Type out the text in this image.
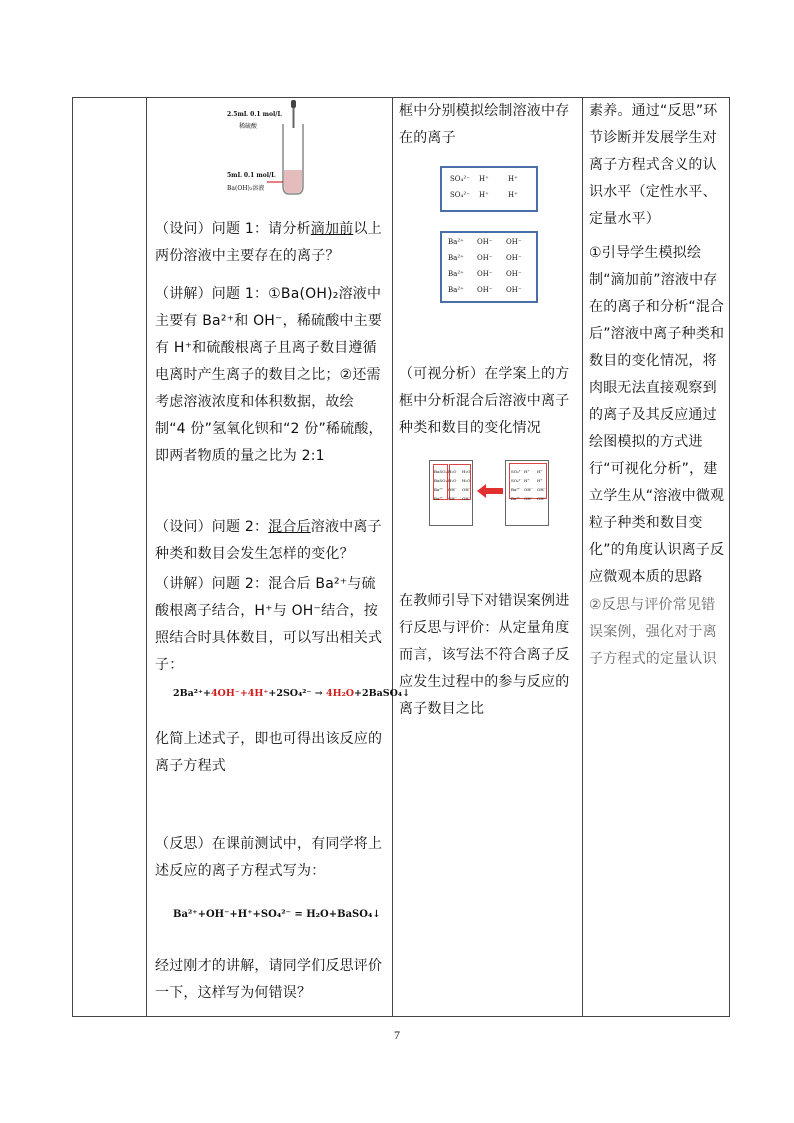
2.5mL 0.1 mol/L
稀硫酸
5mL 0.1 mol/L
Ba(OH)₂溶液
（设问）问题 1：请分析滴加前以上两份溶液中主要存在的离子？
（讲解）问题 1：①Ba(OH)₂溶液中主要有 Ba²⁺和 OH⁻，稀硫酸中主要有 H⁺和硫酸根离子且离子数目遵循电离时产生离子的数目之比；②还需考虑溶液浓度和体积数据，故绘制“4 份”氢氧化钡和“2 份”稀硫酸，即两者物质的量之比为 2:1
（设问）问题 2：混合后溶液中离子种类和数目会发生怎样的变化？
（讲解）问题 2：混合后 Ba²⁺与硫酸根离子结合，H⁺与 OH⁻结合，按照结合时具体数目，可以写出相关式子：
2Ba²⁺+4OH⁻+4H⁺+2SO₄²⁻ → 4H₂O+2BaSO₄↓
化简上述式子，即也可得出该反应的离子方程式
（反思）在课前测试中，有同学将上述反应的离子方程式写为：
Ba²⁺+OH⁻+H⁺+SO₄²⁻ = H₂O+BaSO₄↓
经过刚才的讲解，请同学们反思评价一下，这样写为何错误？
框中分别模拟绘制溶液中存在的离子
SO₄²⁻ H⁺	H⁺
SO₄²⁻ H⁺	H⁺
Ba²⁺ OH⁻ OH⁻
Ba²⁺ OH⁻ OH⁻
Ba²⁺ OH⁻ OH⁻
Ba²⁺ OH⁻ OH⁻
（可视分析）在学案上的方框中分析混合后溶液中离子种类和数目的变化情况
BaSO₄ H₂O H₂O
BaSO₄ H₂O H₂O
Ba²⁺ OH⁻ OH⁻
Ba²⁺ OH⁻ OH⁻
SO₄²⁻ H⁺ H⁺
SO₄²⁻ H⁺ H⁺
Ba²⁺ OH⁻ OH⁻
Ba²⁺ OH⁻ OH⁻
在教师引导下对错误案例进行反思与评价：从定量角度而言，该写法不符合离子反应发生过程中的参与反应的离子数目之比
素养。通过“反思”环节诊断并发展学生对离子方程式含义的认识水平（定性水平、定量水平）
①引导学生模拟绘制“滴加前”溶液中存在的离子和分析“混合后”溶液中离子种类和数目的变化情况，将肉眼无法直接观察到的离子及其反应通过绘图模拟的方式进行“可视化分析”，建立学生从“溶液中微观粒子种类和数目变化”的角度认识离子反应微观本质的思路
②反思与评价常见错误案例，强化对于离子方程式的定量认识
7
